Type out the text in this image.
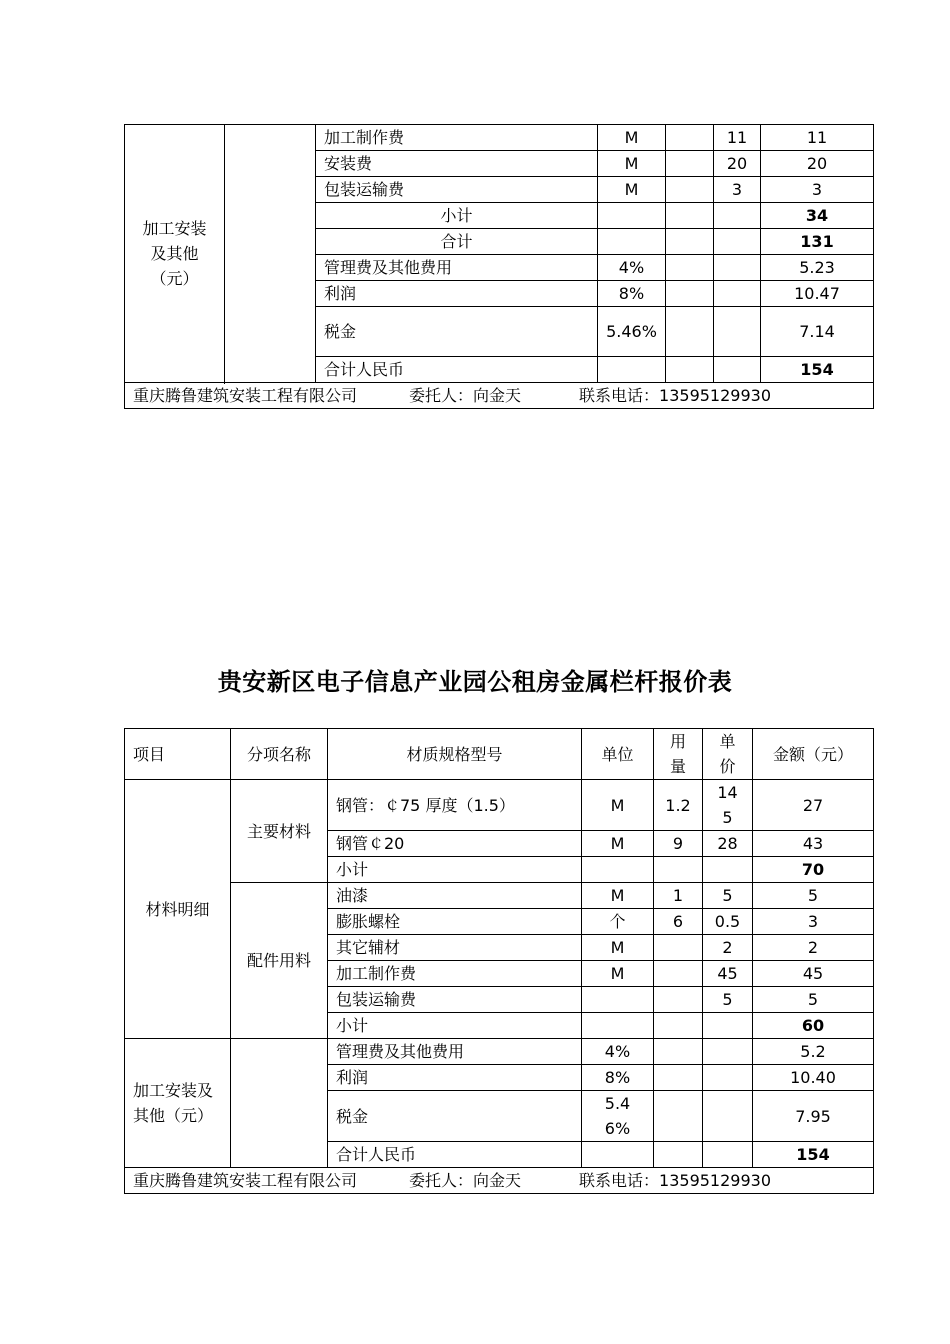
加工安装及其他（元）		加工制作费	M		11	11
		安装费	M		20	20
		包装运输费	M		3	3
		小计				34
		合计				131
		管理费及其他费用	4%			5.23
		利润	8%			10.47
		税金	5.46%			7.14
		合计人民币				154

重庆腾鲁建筑安装工程有限公司 委托人：向金天 联系电话：13595129930						
贵安新区电子信息产业园公租房金属栏杆报价表
项目	分项名称	材质规格型号	单位	用量	单价	金额（元）
材料明细	主要材料	钢管：￠75 厚度（1.5）	M	1.2	145	27
		钢管￠20	M	9	28	43
		小计				70
	配件用料	油漆	M	1	5	5
		膨胀螺栓	个	6	0.5	3
		其它辅材	M		2	2
		加工制作费	M		45	45
		包装运输费			5	5
		小计				60
加工安装及其他（元）		管理费及其他费用	4%			5.2
		利润	8%			10.40
		税金	5.46%			7.95
		合计人民币				154
重庆腾鲁建筑安装工程有限公司 委托人：向金天 联系电话：13595129930						
